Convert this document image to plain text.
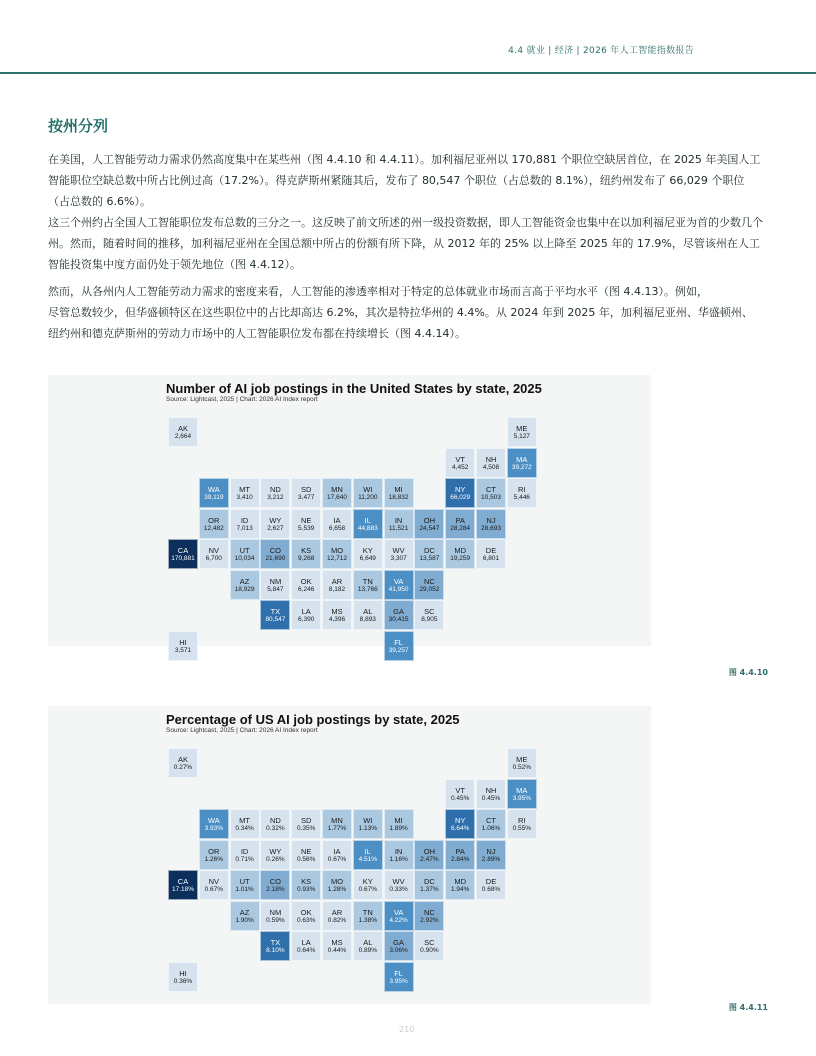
4.4 就业 | 经济 | 2026 年人工智能指数报告
按州分列
在美国，人工智能劳动力需求仍然高度集中在某些州（图 4.4.10 和 4.4.11）。加利福尼亚州以 170,881 个职位空缺居首位，在 2025 年美国人工
智能职位空缺总数中所占比例过高（17.2%）。得克萨斯州紧随其后，发布了 80,547 个职位（占总数的 8.1%），纽约州发布了 66,029 个职位
（占总数的 6.6%）。
这三个州约占全国人工智能职位发布总数的三分之一。这反映了前文所述的州一级投资数据，即人工智能资金也集中在以加利福尼亚为首的少数几个
州。然而，随着时间的推移，加利福尼亚州在全国总额中所占的份额有所下降，从 2012 年的 25% 以上降至 2025 年的 17.9%，尽管该州在人工
智能投资集中度方面仍处于领先地位（图 4.4.12）。
然而，从各州内人工智能劳动力需求的密度来看，人工智能的渗透率相对于特定的总体就业市场而言高于平均水平（图 4.4.13）。例如，
尽管总数较少，但华盛顿特区在这些职位中的占比却高达 6.2%，其次是特拉华州的 4.4%。从 2024 年到 2025 年，加利福尼亚州、华盛顿州、
纽约州和德克萨斯州的劳动力市场中的人工智能职位发布都在持续增长（图 4.4.14）。
Number of AI job postings in the United States by state, 2025
Source: Lightcast, 2025 | Chart: 2026 AI Index report
AK
2,664
ME
5,127
VT
4,452
NH
4,508
MA
39,272
WA
39,119
MT
3,410
ND
3,212
SD
3,477
MN
17,640
WI
11,200
MI
18,832
NY
66,029
CT
10,503
RI
5,446
OR
12,482
ID
7,013
WY
2,627
NE
5,539
IA
6,658
IL
44,883
IN
11,521
OH
24,547
PA
28,284
NJ
28,693
CA
170,881
NV
6,700
UT
10,034
CO
21,690
KS
9,268
MO
12,712
KY
6,649
WV
3,307
DC
13,587
MD
19,259
DE
6,801
AZ
18,929
NM
5,847
OK
6,246
AR
8,182
TN
13,766
VA
41,950
NC
29,052
TX
80,547
LA
6,390
MS
4,396
AL
8,893
GA
30,415
SC
8,905
HI
3,571
FL
39,257
图 4.4.10
Percentage of US AI job postings by state, 2025
Source: Lightcast, 2025 | Chart: 2026 AI Index report
AK
0.27%
ME
0.52%
VT
0.45%
NH
0.45%
MA
3.95%
WA
3.93%
MT
0.34%
ND
0.32%
SD
0.35%
MN
1.77%
WI
1.13%
MI
1.89%
NY
6.64%
CT
1.06%
RI
0.55%
OR
1.26%
ID
0.71%
WY
0.26%
NE
0.56%
IA
0.67%
IL
4.51%
IN
1.16%
OH
2.47%
PA
2.84%
NJ
2.89%
CA
17.18%
NV
0.67%
UT
1.01%
CO
2.18%
KS
0.93%
MO
1.28%
KY
0.67%
WV
0.33%
DC
1.37%
MD
1.94%
DE
0.68%
AZ
1.90%
NM
0.59%
OK
0.63%
AR
0.82%
TN
1.38%
VA
4.22%
NC
2.92%
TX
8.10%
LA
0.64%
MS
0.44%
AL
0.89%
GA
3.06%
SC
0.90%
HI
0.36%
FL
3.95%
图 4.4.11
210
